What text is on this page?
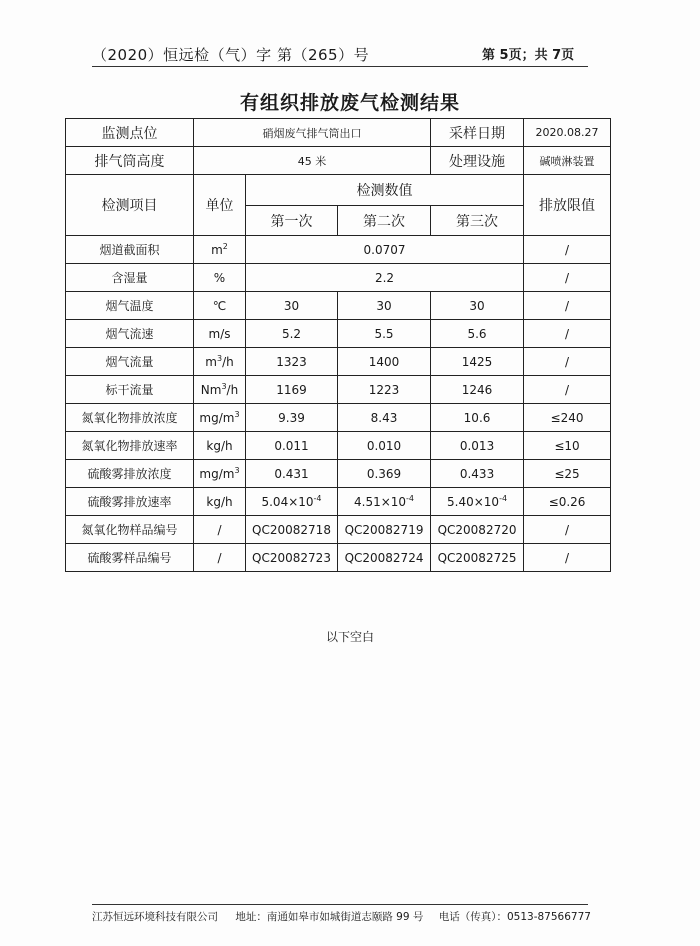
（2020）恒远检（气）字 第（265）号	第 5页；共 7页
有组织排放废气检测结果
监测点位	硝烟废气排气筒出口			采样日期	2020.08.27
排气筒高度	45 米			处理设施	碱喷淋装置
检测项目	单位	检测数值			排放限值
		第一次	第二次	第三次	
烟道截面积	$m^2$	0.0707			/
含湿量	%	2.2			/
烟气温度	℃	30	30	30	/
烟气流速	m/s	5.2	5.5	5.6	/
烟气流量	$m^3/h$	1323	1400	1425	/
标干流量	Nm$^3$/h	1169	1223	1246	/
氮氧化物排放浓度	$mg/m^3$	9.39	8.43	10.6	≤240
氮氧化物排放速率	kg/h	0.011	0.010	0.013	≤10
硫酸雾排放浓度	$mg/m^3$	0.431	0.369	0.433	≤25
硫酸雾排放速率	kg/h	$5.04\times 10^{-4}$	$4.51\times 10^{-4}$	$5.40\times 10^{-4}$	≤0.26
氮氧化物样品编号	/	QC20082718	QC20082719	QC20082720	/
硫酸雾样品编号	/	QC20082723	QC20082724	QC20082725	/
以下空白
江苏恒远环境科技有限公司 地址：南通如皋市如城街道志颐路 99 号 电话（传真）：0513-87566777
